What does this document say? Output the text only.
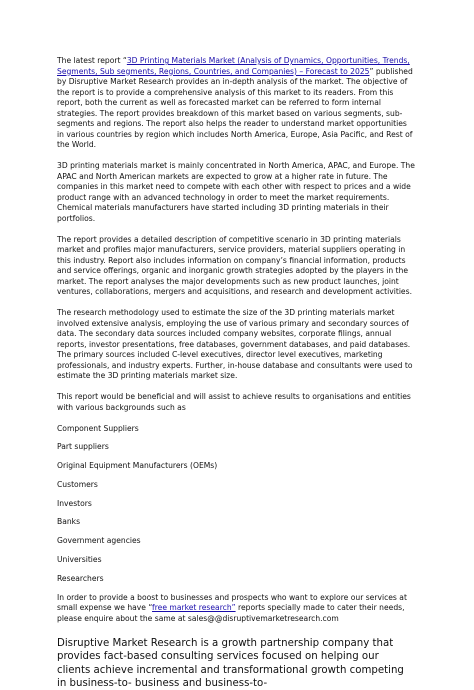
The latest report “3D Printing Materials Market (Analysis of Dynamics, Opportunities, Trends, Segments, Sub segments, Regions, Countries, and Companies) – Forecast to 2025” published by Disruptive Market Research provides an in-depth analysis of the market. The objective of the report is to provide a comprehensive analysis of this market to its readers. From this report, both the current as well as forecasted market can be referred to form internal strategies. The report provides breakdown of this market based on various segments, sub-segments and regions. The report also helps the reader to understand market opportunities in various countries by region which includes North America, Europe, Asia Pacific, and Rest of the World.

3D printing materials market is mainly concentrated in North America, APAC, and Europe. The APAC and North American markets are expected to grow at a higher rate in future. The companies in this market need to compete with each other with respect to prices and a wide product range with an advanced technology in order to meet the market requirements. Chemical materials manufacturers have started including 3D printing materials in their portfolios.

The report provides a detailed description of competitive scenario in 3D printing materials market and profiles major manufacturers, service providers, material suppliers operating in this industry. Report also includes information on company’s financial information, products and service offerings, organic and inorganic growth strategies adopted by the players in the market. The report analyses the major developments such as new product launches, joint ventures, collaborations, mergers and acquisitions, and research and development activities.

The research methodology used to estimate the size of the 3D printing materials market involved extensive analysis, employing the use of various primary and secondary sources of data. The secondary data sources included company websites, corporate filings, annual reports, investor presentations, free databases, government databases, and paid databases. The primary sources included C-level executives, director level executives, marketing professionals, and industry experts. Further, in-house database and consultants were used to estimate the 3D printing materials market size.

This report would be beneficial and will assist to achieve results to organisations and entities with various backgrounds such as

Component Suppliers

Part suppliers

Original Equipment Manufacturers (OEMs)

Customers

Investors

Banks

Government agencies

Universities

Researchers

In order to provide a boost to businesses and prospects who want to explore our services at small expense we have “free market research” reports specially made to cater their needs, please enquire about the same at sales@@disruptivemarketresearch.com

Disruptive Market Research is a growth partnership company that provides fact-based consulting services focused on helping our clients achieve incremental and transformational growth competing in business-to- business and business-to-
